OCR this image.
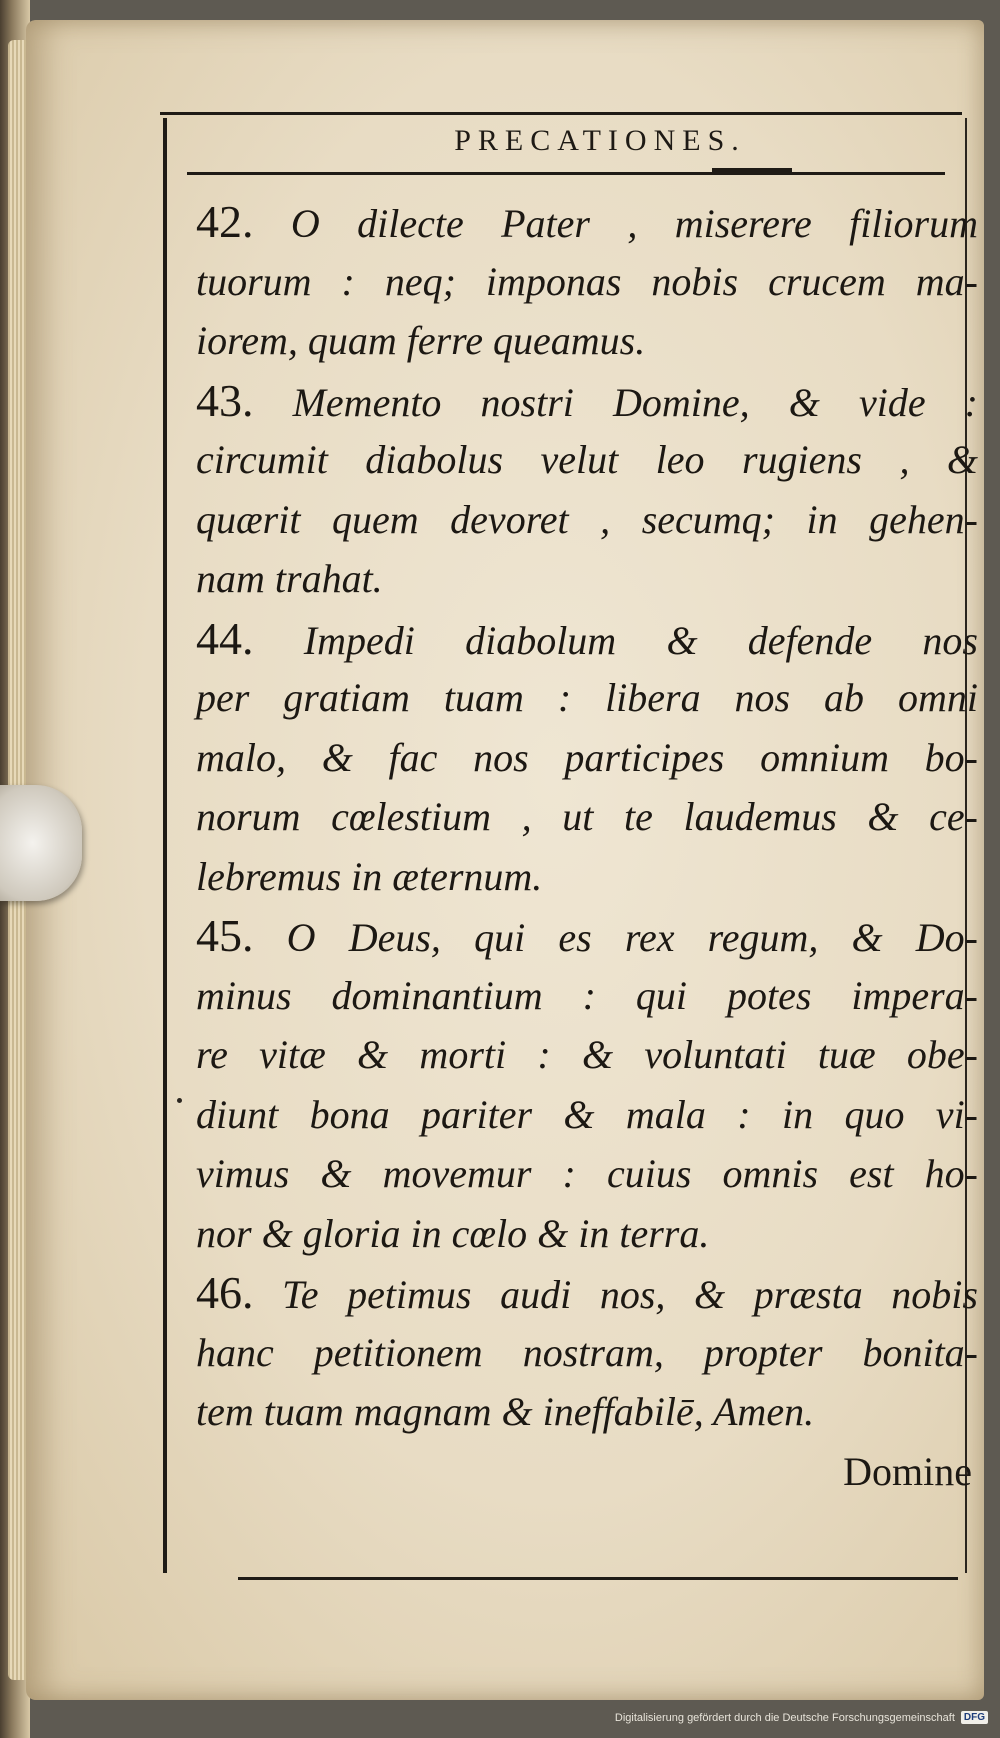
PRECATIONES.
42. O dilecte Pater , miserere filiorum
tuorum : neq; imponas nobis crucem ma-
iorem, quam ferre queamus.
43. Memento nostri Domine, & vide :
circumit diabolus velut leo rugiens , &
quærit quem devoret , secumq; in gehen-
nam trahat.
44. Impedi diabolum & defende nos
per gratiam tuam : libera nos ab omni
malo, & fac nos participes omnium bo-
norum cœlestium , ut te laudemus & ce-
lebremus in æternum.
45. O Deus, qui es rex regum, & Do-
minus dominantium : qui potes impera-
re vitæ & morti : & voluntati tuæ obe-
diunt bona pariter & mala : in quo vi-
vimus & movemur : cuius omnis est ho-
nor & gloria in cœlo & in terra.
46. Te petimus audi nos, & præsta nobis
hanc petitionem nostram, propter bonita-
tem tuam magnam & ineffabilē, Amen.
Domine
Digitalisierung gefördert durch die Deutsche Forschungsgemeinschaft DFG
